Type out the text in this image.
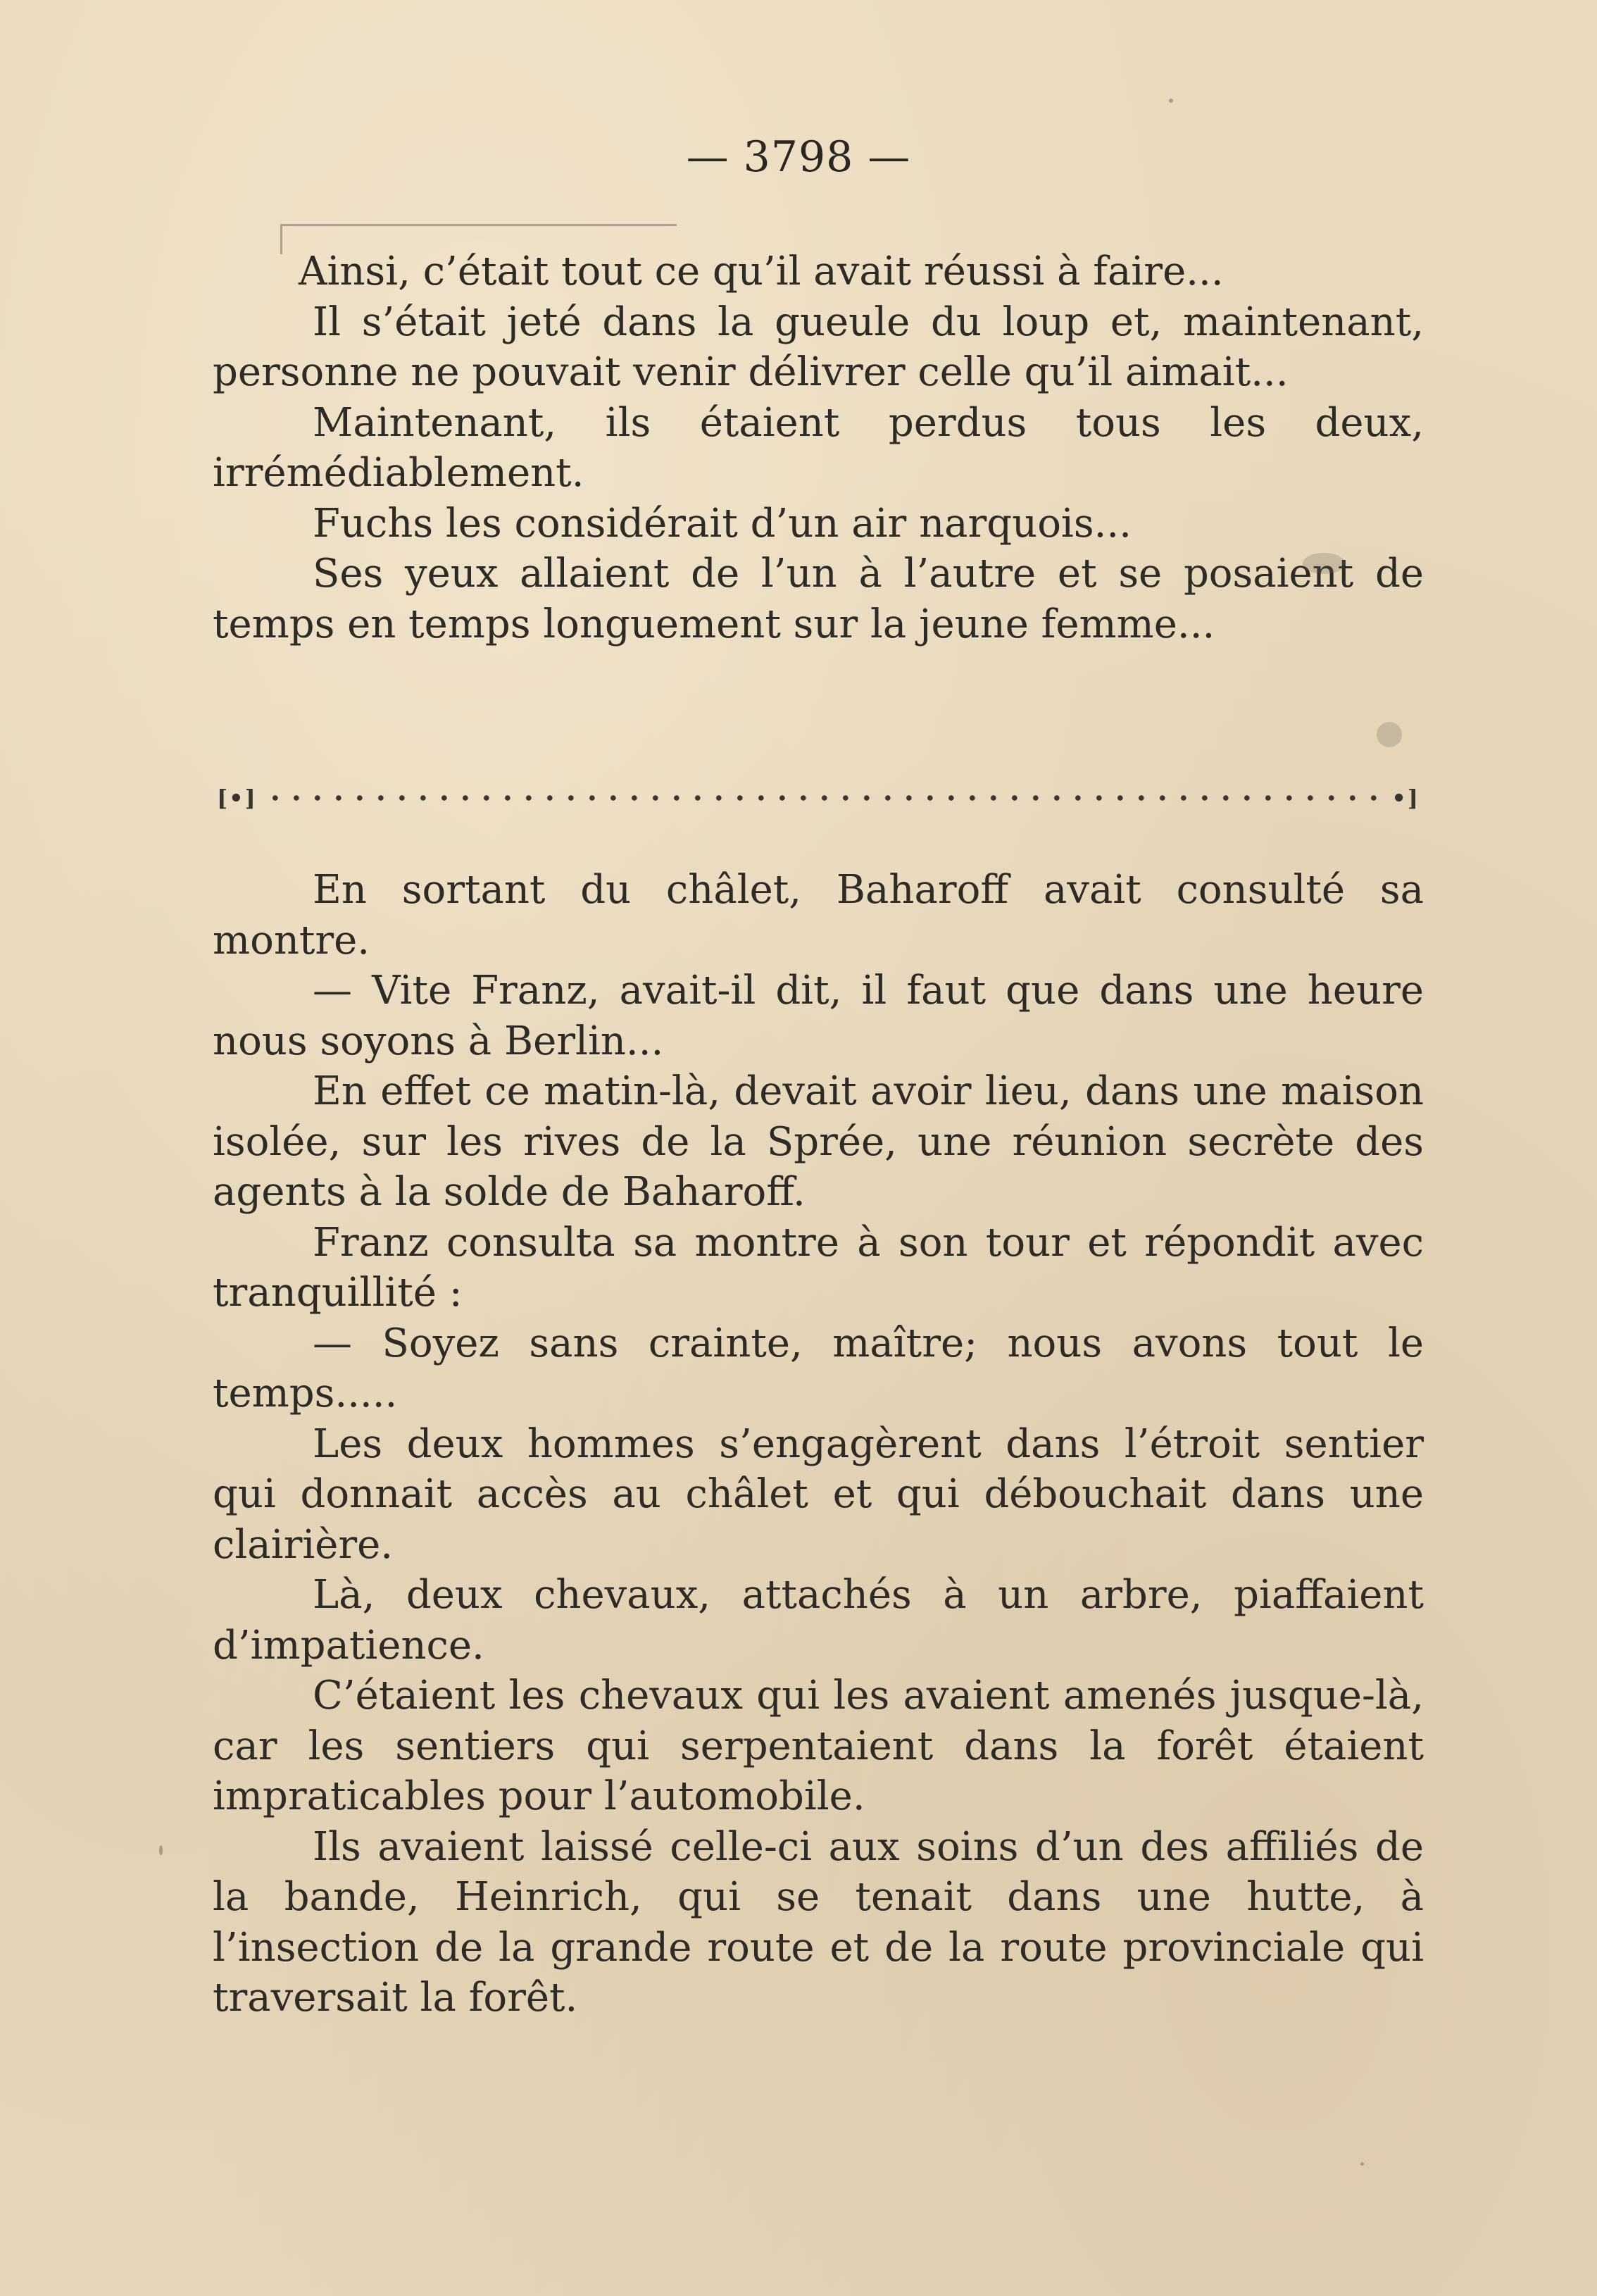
— 3798 —

Ainsi, c’était tout ce qu’il avait réussi à faire...

Il s’était jeté dans la gueule du loup et, maintenant, personne ne pouvait venir délivrer celle qu’il aimait...

Maintenant, ils étaient perdus tous les deux, irrémédiablement.

Fuchs les considérait d’un air narquois...

Ses yeux allaient de l’un à l’autre et se posaient de temps en temps longuement sur la jeune femme...

[•]	•]

En sortant du châlet, Baharoff avait consulté sa montre.

— Vite Franz, avait-il dit, il faut que dans une heure nous soyons à Berlin...

En effet ce matin-là, devait avoir lieu, dans une maison isolée, sur les rives de la Sprée, une réunion secrète des agents à la solde de Baharoff.

Franz consulta sa montre à son tour et répondit avec tranquillité :

— Soyez sans crainte, maître; nous avons tout le temps.....

Les deux hommes s’engagèrent dans l’étroit sentier qui donnait accès au châlet et qui débouchait dans une clairière.

Là, deux chevaux, attachés à un arbre, piaffaient d’impatience.

C’étaient les chevaux qui les avaient amenés jusque-là, car les sentiers qui serpentaient dans la forêt étaient impraticables pour l’automobile.

Ils avaient laissé celle-ci aux soins d’un des affiliés de la bande, Heinrich, qui se tenait dans une hutte, à l’insection de la grande route et de la route provinciale qui traversait la forêt.
